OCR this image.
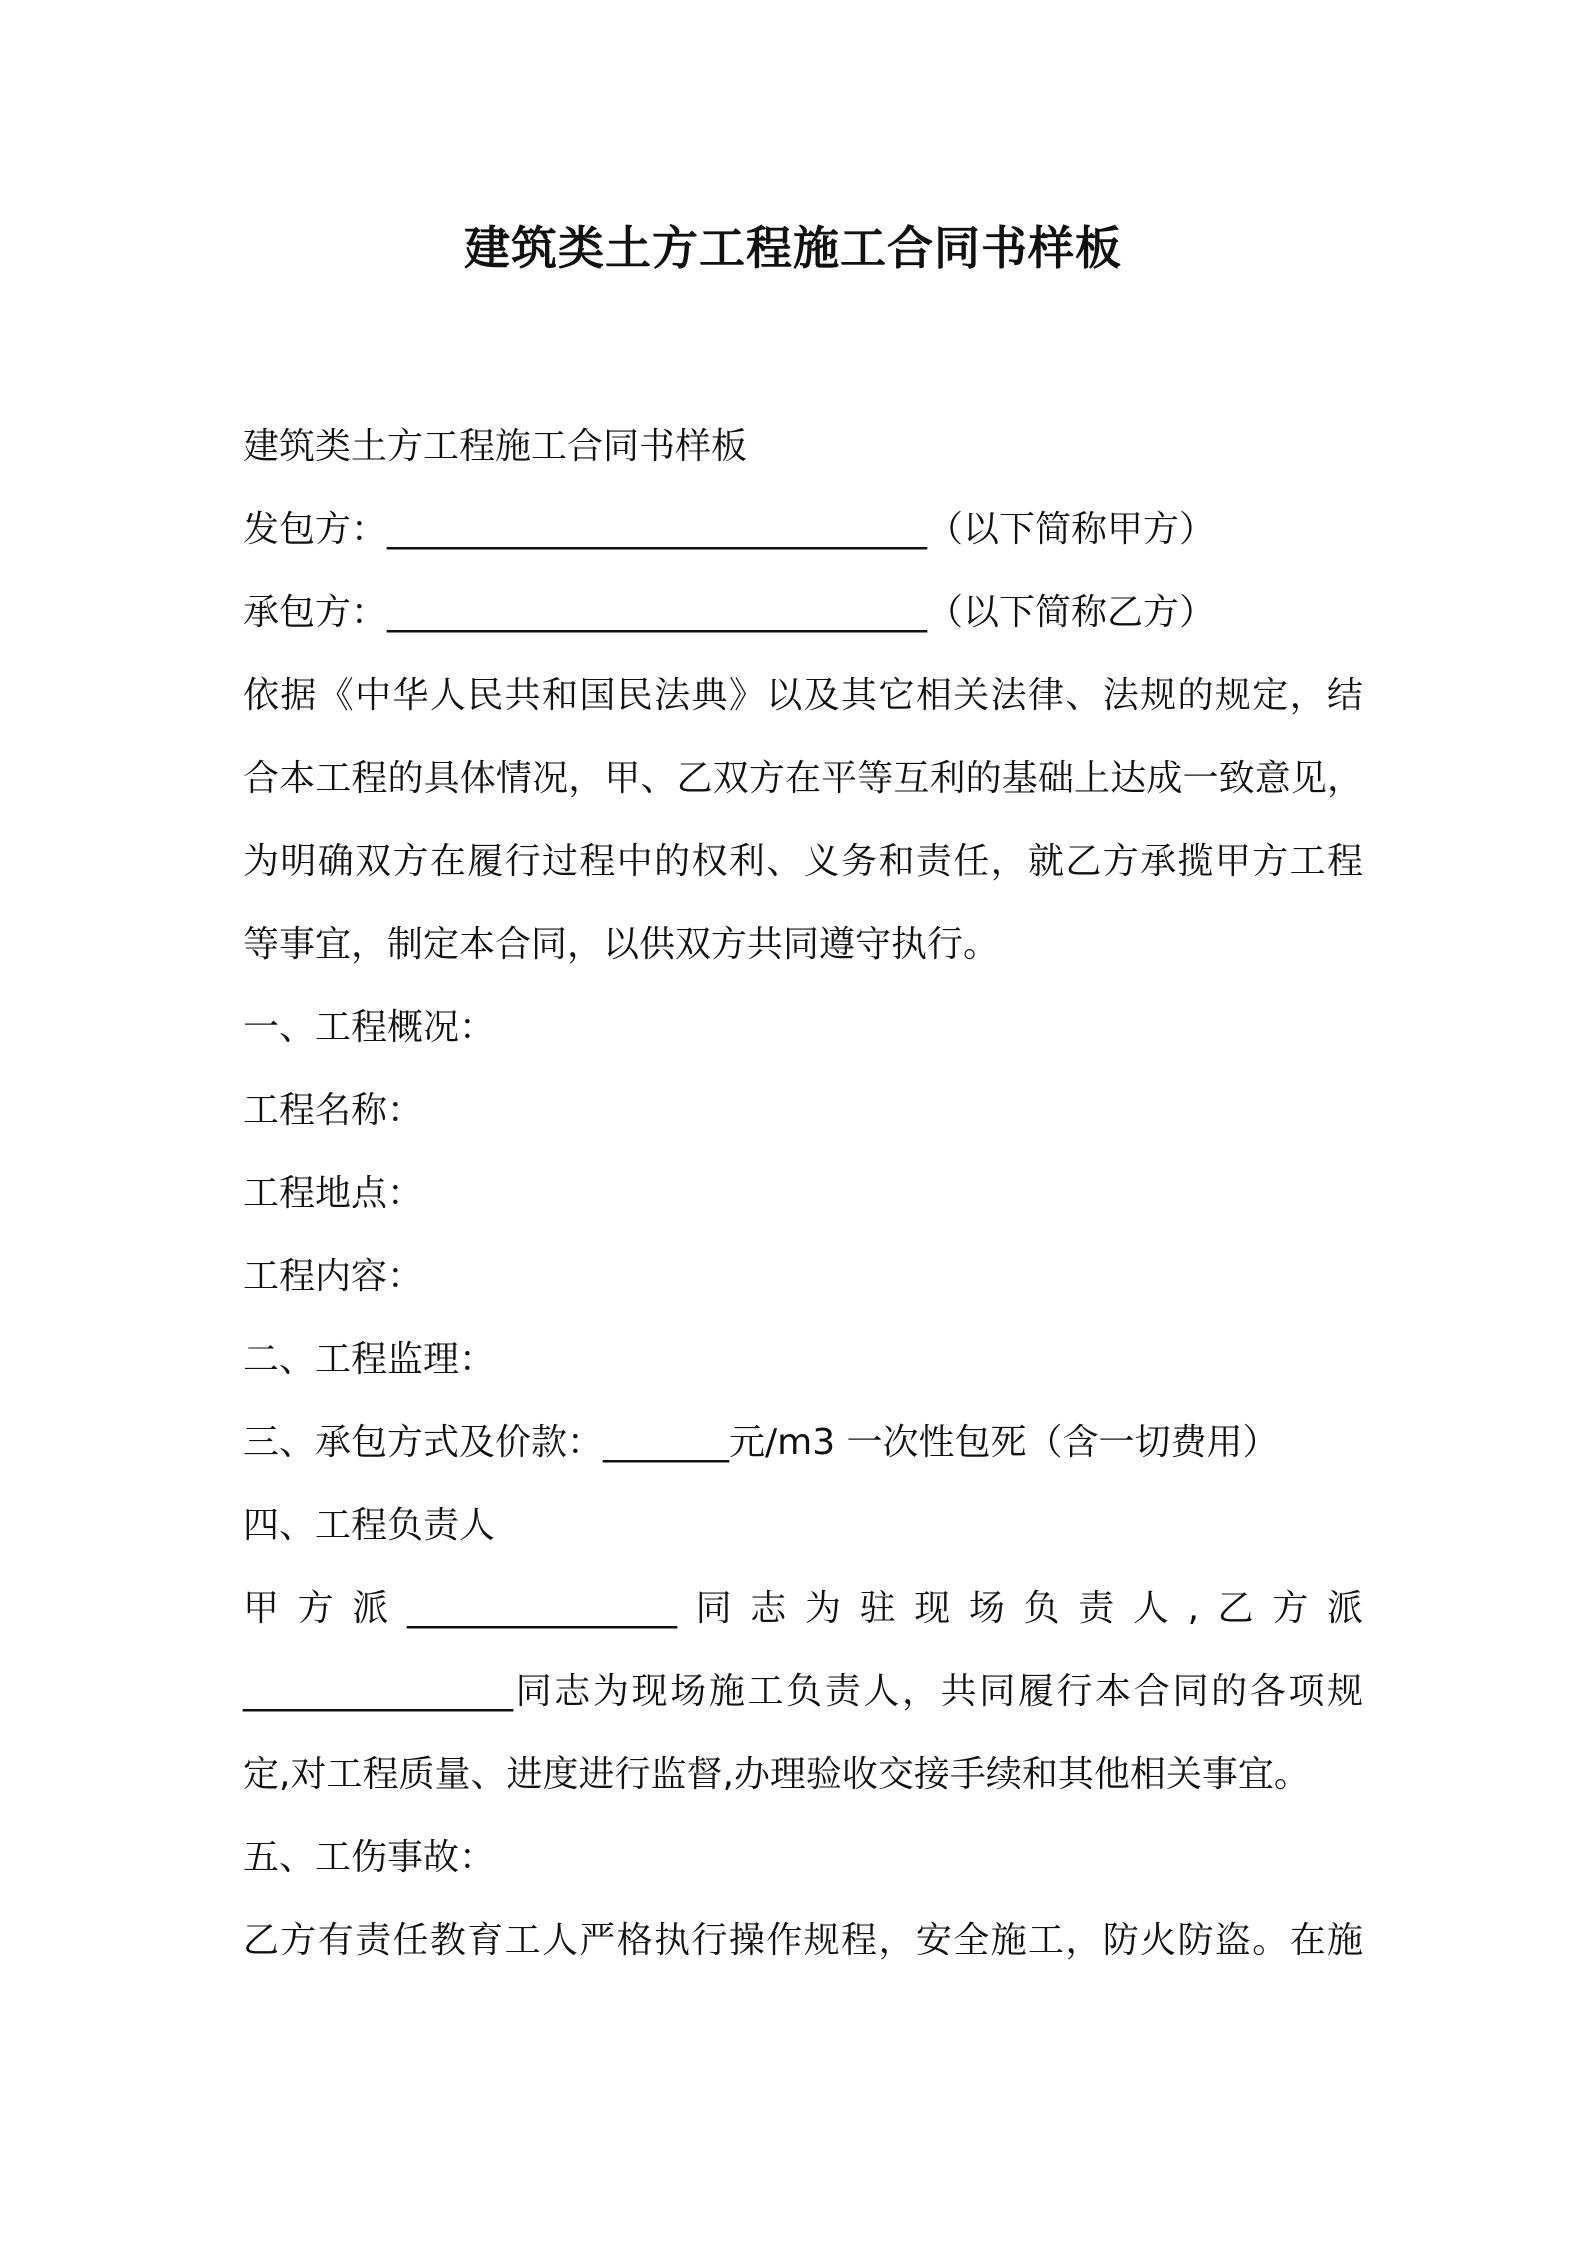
建筑类土方工程施工合同书样板

建筑类土方工程施工合同书样板

发包方：______________________________（以下简称甲方）

承包方：______________________________（以下简称乙方）

依据《中华人民共和国民法典》以及其它相关法律、法规的规定，结

合本工程的具体情况，甲、乙双方在平等互利的基础上达成一致意见，

为明确双方在履行过程中的权利、义务和责任，就乙方承揽甲方工程

等事宜，制定本合同，以供双方共同遵守执行。

一、工程概况：

工程名称：

工程地点：

工程内容：

二、工程监理：

三、承包方式及价款：_______元/m3 一次性包死（含一切费用）

四、工程负责人

甲方派_______________同志为驻现场负责人,乙方派

_______________同志为现场施工负责人，共同履行本合同的各项规

定,对工程质量、进度进行监督,办理验收交接手续和其他相关事宜。

五、工伤事故：

乙方有责任教育工人严格执行操作规程，安全施工，防火防盗。在施
